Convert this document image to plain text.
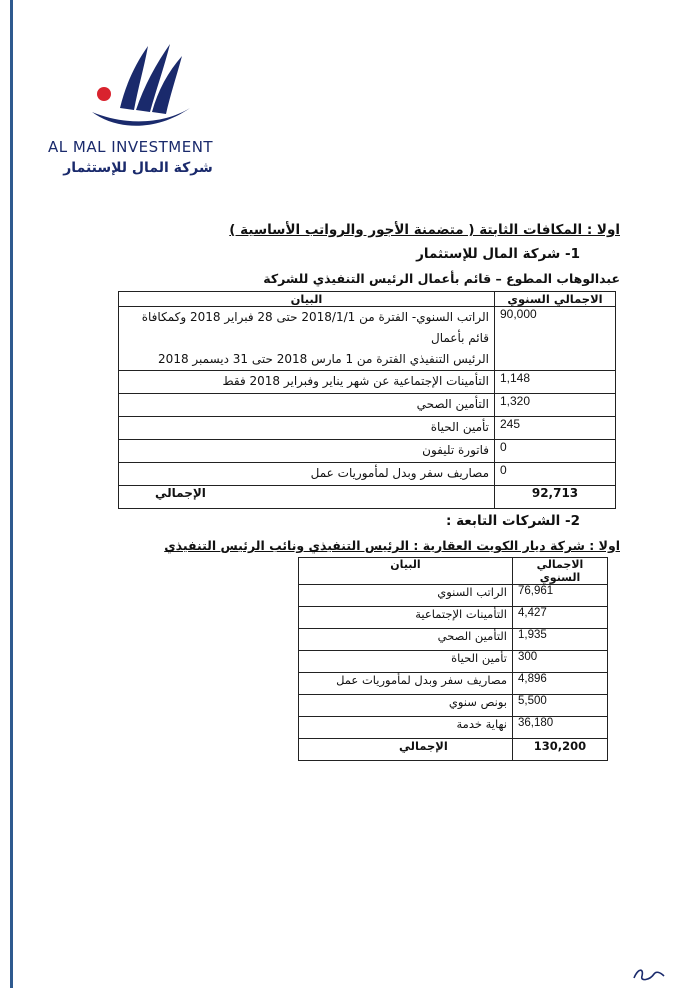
AL MAL INVESTMENT
شركة المال للإستثمار
اولا : المكافات الثابتة ( متضمنة الأجور والرواتب الأساسية )
1- شركة المال للإستثمار
عبدالوهاب المطوع – قائم بأعمال الرئيس التنفيذي للشركة
الاجمالي السنوي	البيان
90,000	الراتب السنوي- الفترة من 2018/1/1 حتى 28 فبراير 2018 وكمكافاة قائم بأعمال
الرئيس التنفيذي الفترة من 1 مارس 2018 حتى 31 ديسمبر 2018

1,148	التأمينات الإجتماعية عن شهر يناير وفبراير 2018 فقط
1,320	التأمين الصحي
245	تأمين الحياة
0	فاتورة تليفون
0	مصاريف سفر وبدل لمأموريات عمل
92,713	الإجمالي
2- الشركات التابعة :
اولا : شركة ديار الكويت العقارية : الرئيس التنفيذي ونائب الرئيس التنفيذي
الاجمالي السنوي	البيان
76,961	الراتب السنوي
4,427	التأمينات الإجتماعية
1,935	التأمين الصحي
300	تأمين الحياة
4,896	مصاريف سفر وبدل لمأموريات عمل
5,500	بونص سنوي
36,180	نهاية خدمة
130,200	الإجمالي
